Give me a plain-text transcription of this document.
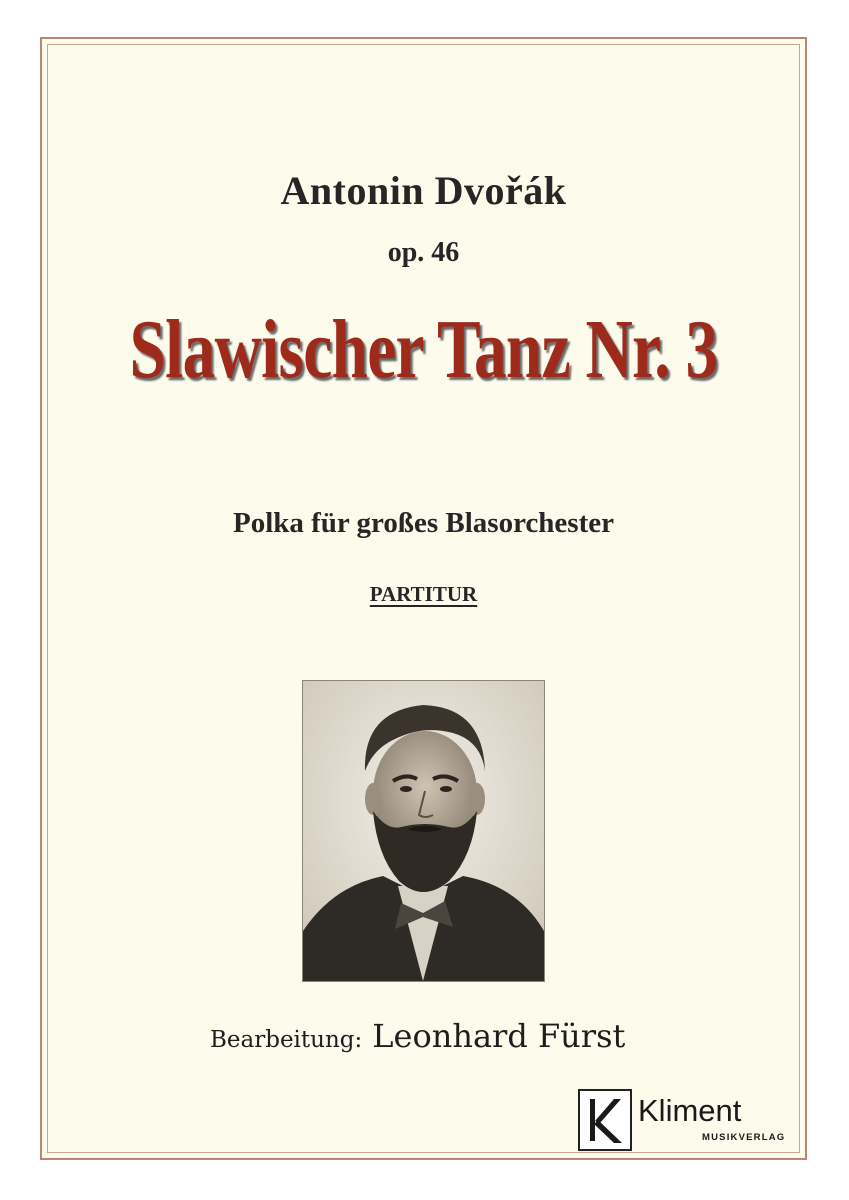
Antonin Dvořák
op. 46
Slawischer Tanz Nr. 3
Polka für großes Blasorchester
PARTITUR
Bearbeitung: Leonhard Fürst
Kliment
MUSIKVERLAG
